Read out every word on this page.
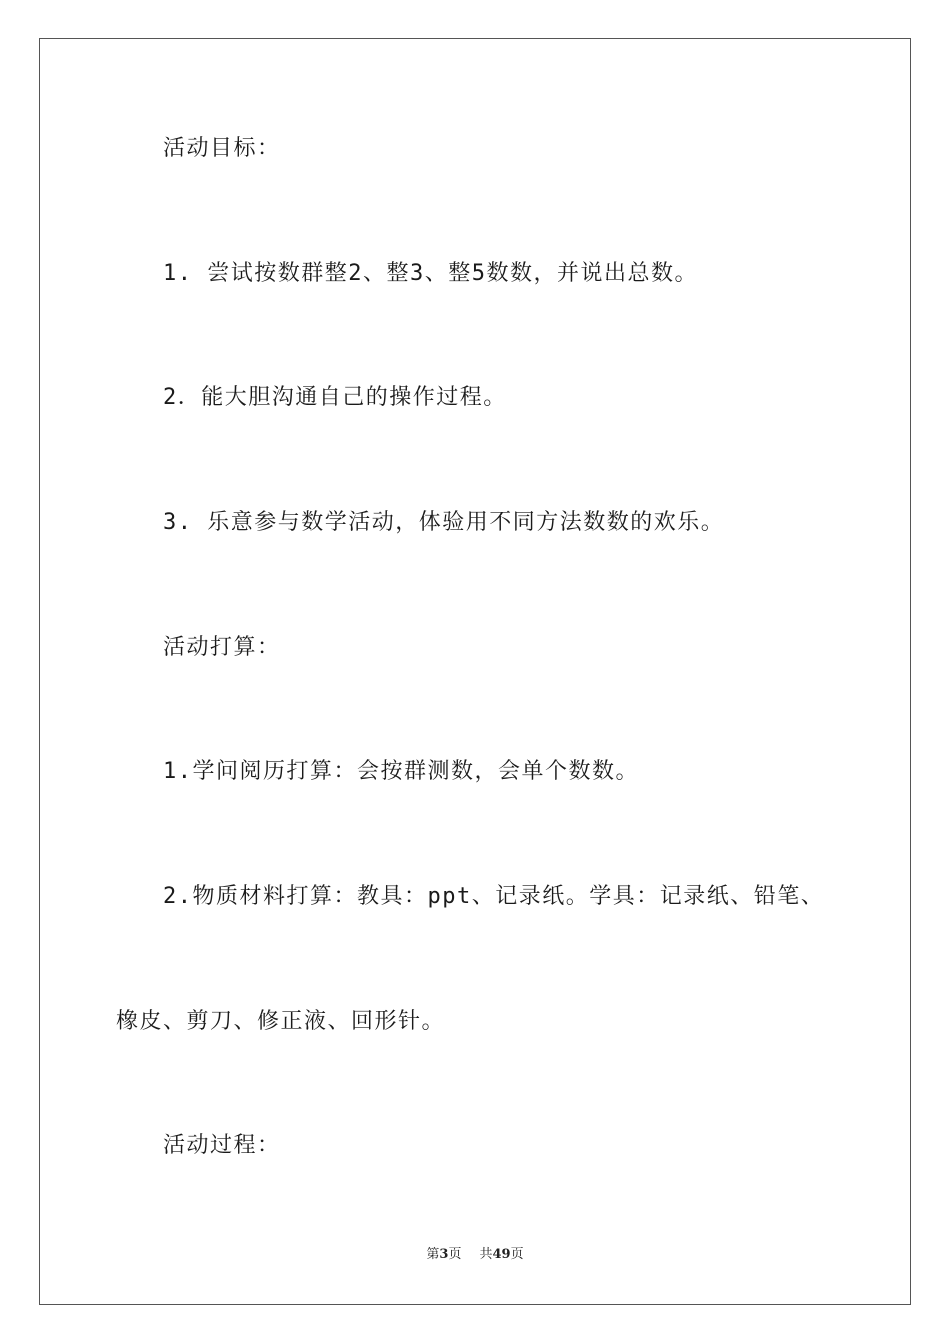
活动目标：
1. 尝试按数群整2、整3、整5数数，并说出总数。
2．能大胆沟通自己的操作过程。
3. 乐意参与数学活动，体验用不同方法数数的欢乐。
活动打算：
1.学问阅历打算：会按群测数，会单个数数。
2.物质材料打算：教具：ppt、记录纸。学具：记录纸、铅笔、
橡皮、剪刀、修正液、回形针。
活动过程：
第3页 共49页
